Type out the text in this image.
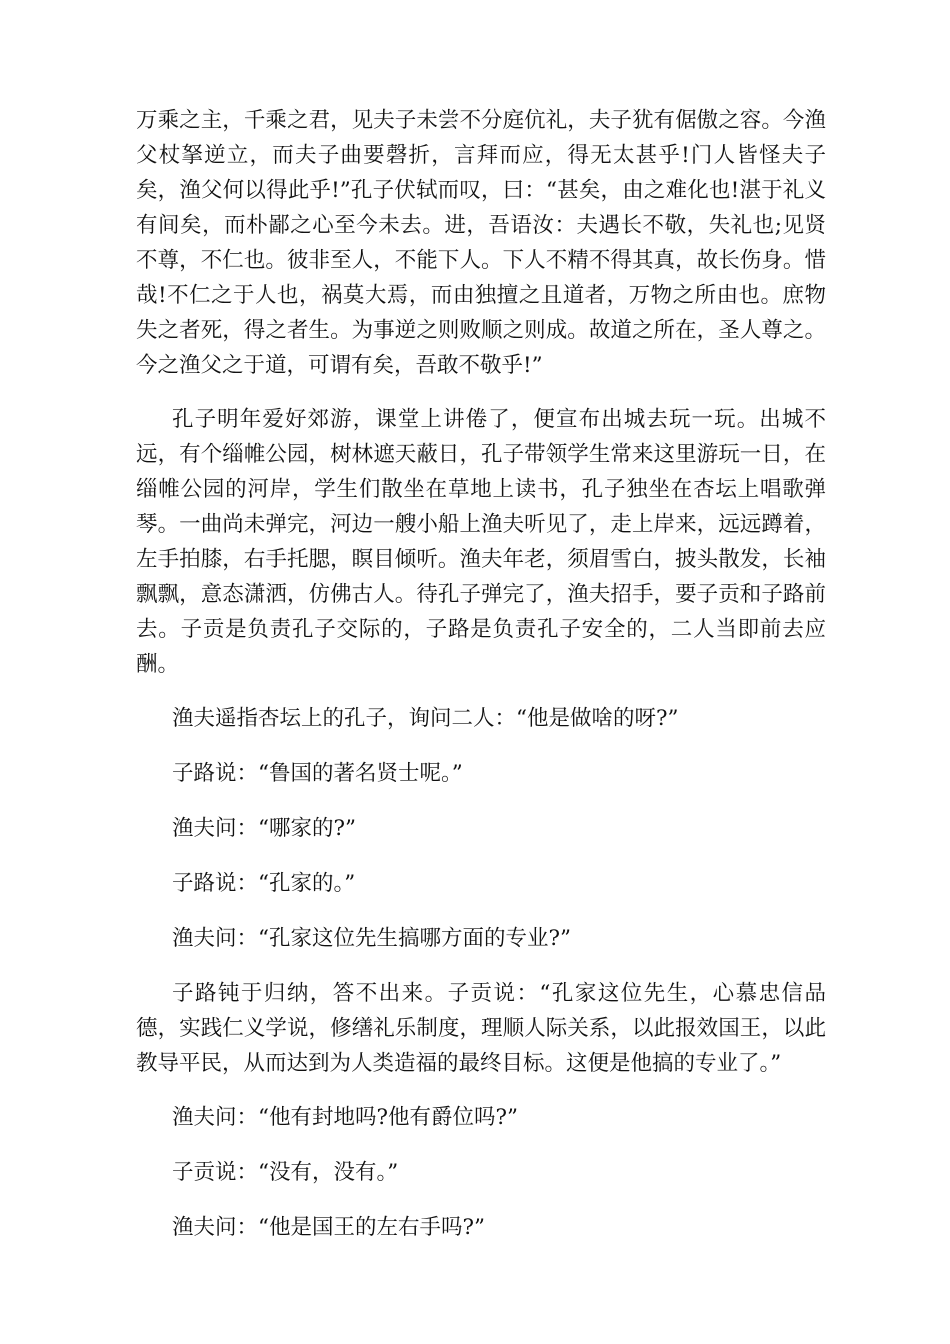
万乘之主，千乘之君，见夫子未尝不分庭伉礼，夫子犹有倨傲之容。今渔父杖拏逆立，而夫子曲要磬折，言拜而应，得无太甚乎!门人皆怪夫子矣，渔父何以得此乎!”孔子伏轼而叹，曰：“甚矣，由之难化也!湛于礼义有间矣，而朴鄙之心至今未去。进，吾语汝：夫遇长不敬，失礼也;见贤不尊，不仁也。彼非至人，不能下人。下人不精不得其真，故长伤身。惜哉!不仁之于人也，祸莫大焉，而由独擅之且道者，万物之所由也。庶物失之者死，得之者生。为事逆之则败顺之则成。故道之所在，圣人尊之。今之渔父之于道，可谓有矣，吾敢不敬乎!”

孔子明年爱好郊游，课堂上讲倦了，便宣布出城去玩一玩。出城不远，有个缁帷公园，树林遮天蔽日，孔子带领学生常来这里游玩一日，在缁帷公园的河岸，学生们散坐在草地上读书，孔子独坐在杏坛上唱歌弹琴。一曲尚未弹完，河边一艘小船上渔夫听见了，走上岸来，远远蹲着，左手拍膝，右手托腮，瞑目倾听。渔夫年老，须眉雪白，披头散发，长袖飘飘，意态潇洒，仿佛古人。待孔子弹完了，渔夫招手，要子贡和子路前去。子贡是负责孔子交际的，子路是负责孔子安全的，二人当即前去应酬。

渔夫遥指杏坛上的孔子，询问二人：“他是做啥的呀?”

子路说：“鲁国的著名贤士呢。”

渔夫问：“哪家的?”

子路说：“孔家的。”

渔夫问：“孔家这位先生搞哪方面的专业?”

子路钝于归纳，答不出来。子贡说：“孔家这位先生，心慕忠信品德，实践仁义学说，修缮礼乐制度，理顺人际关系，以此报效国王，以此教导平民，从而达到为人类造福的最终目标。这便是他搞的专业了。”

渔夫问：“他有封地吗?他有爵位吗?”

子贡说：“没有，没有。”

渔夫问：“他是国王的左右手吗?”
